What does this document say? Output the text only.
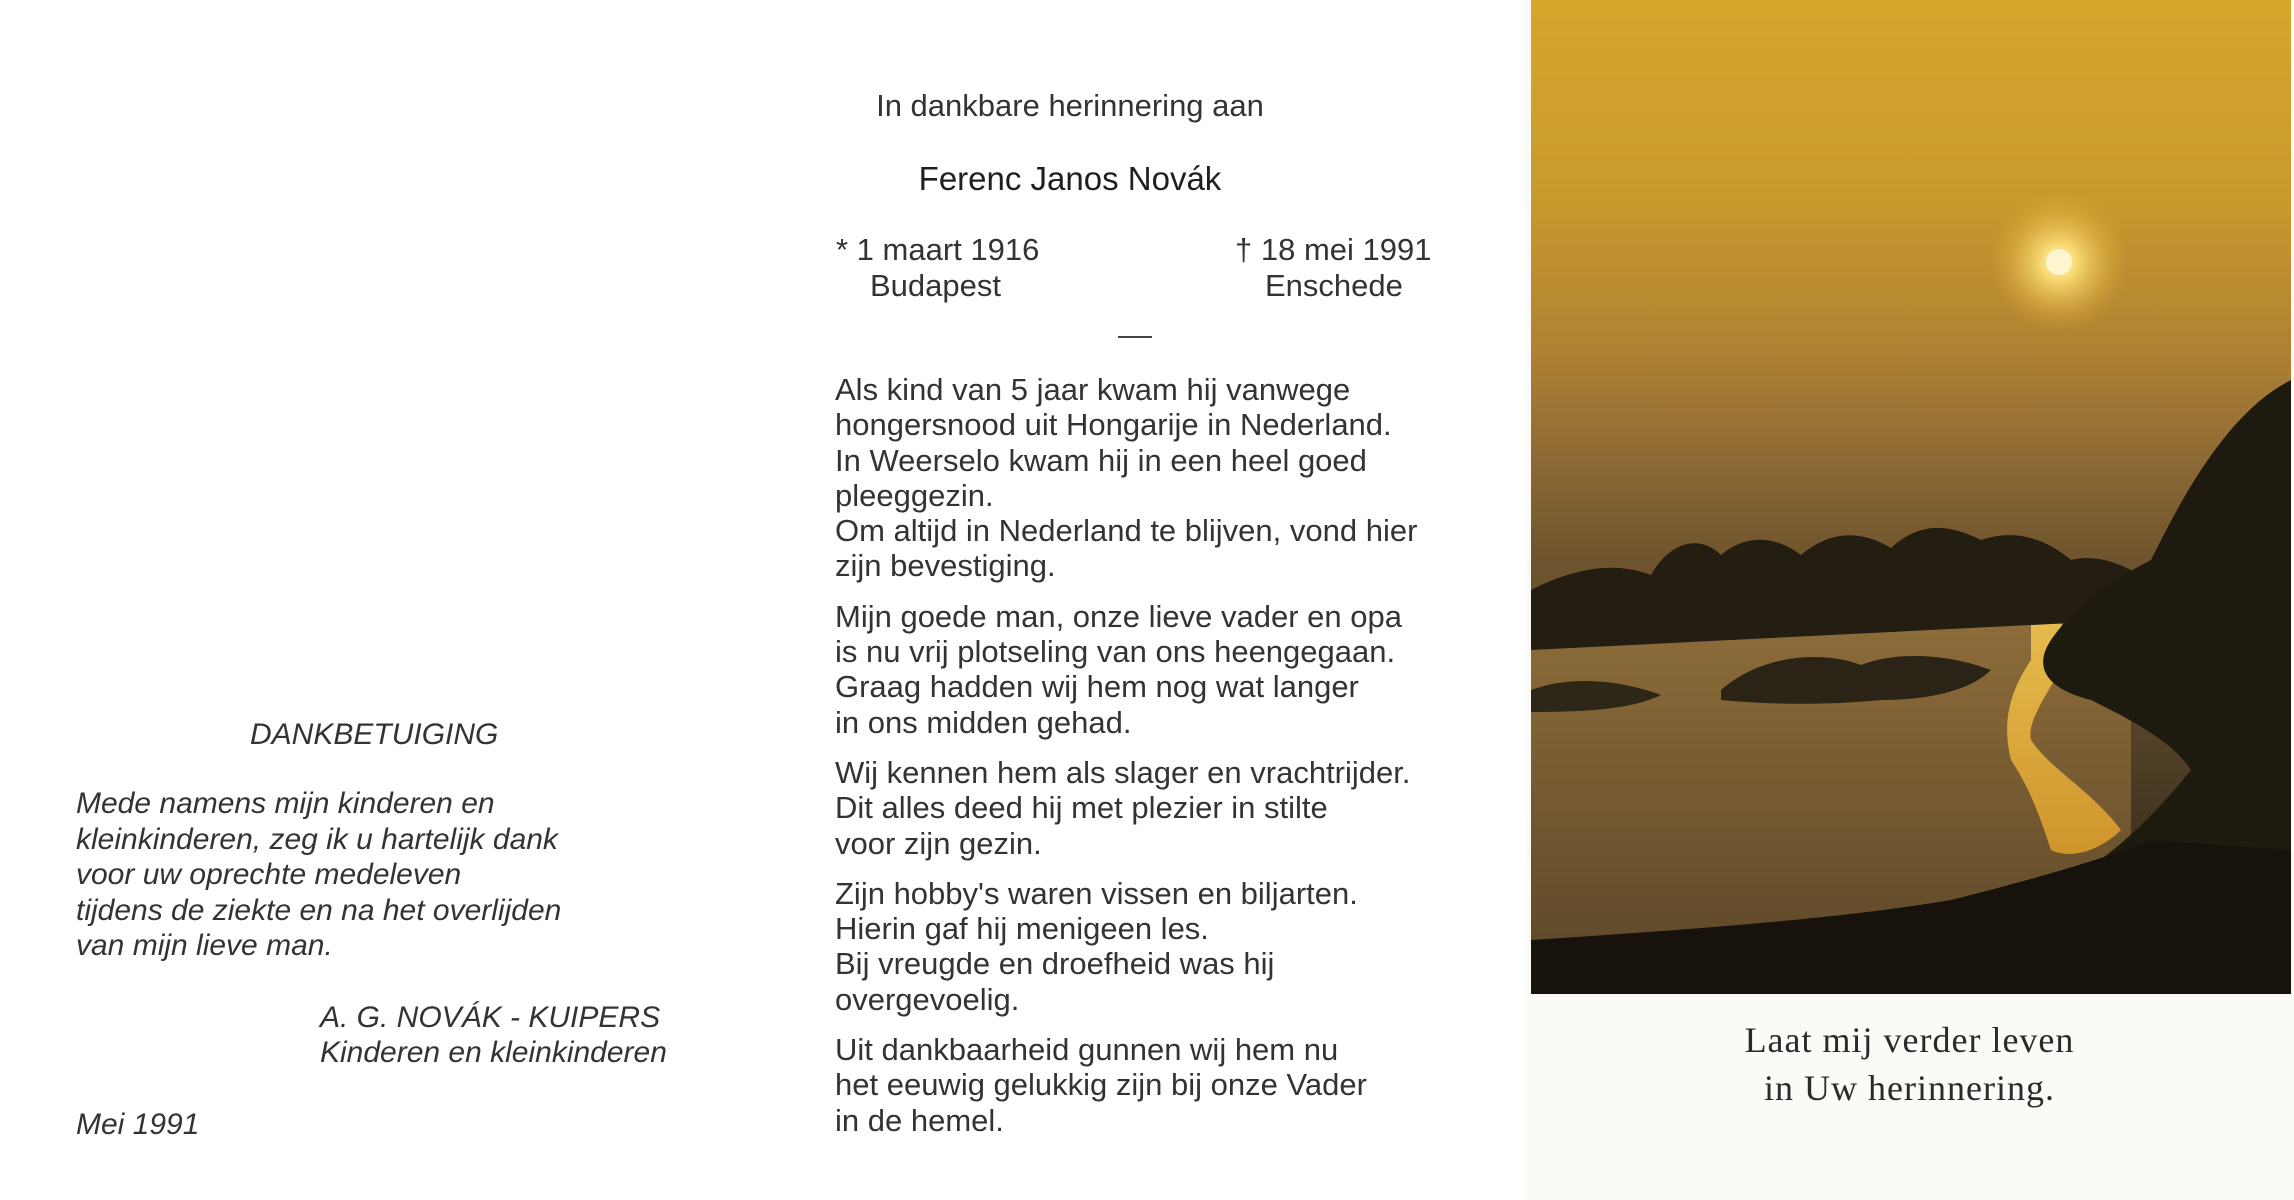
DANKBETUIGING
Mede namens mijn kinderen en
kleinkinderen, zeg ik u hartelijk dank
voor uw oprechte medeleven
tijdens de ziekte en na het overlijden
van mijn lieve man.
A. G. NOVÁK - KUIPERS
Kinderen en kleinkinderen
Mei 1991
In dankbare herinnering aan
Ferenc Janos Novák
* 1 maart 1916
Budapest
† 18 mei 1991
Enschede
Als kind van 5 jaar kwam hij vanwege
hongersnood uit Hongarije in Nederland.
In Weerselo kwam hij in een heel goed
pleeggezin.
Om altijd in Nederland te blijven, vond hier
zijn bevestiging.
Mijn goede man, onze lieve vader en opa
is nu vrij plotseling van ons heengegaan.
Graag hadden wij hem nog wat langer
in ons midden gehad.
Wij kennen hem als slager en vrachtrijder.
Dit alles deed hij met plezier in stilte
voor zijn gezin.
Zijn hobby's waren vissen en biljarten.
Hierin gaf hij menigeen les.
Bij vreugde en droefheid was hij
overgevoelig.
Uit dankbaarheid gunnen wij hem nu
het eeuwig gelukkig zijn bij onze Vader
in de hemel.
Laat mij verder leven
in Uw herinnering.
